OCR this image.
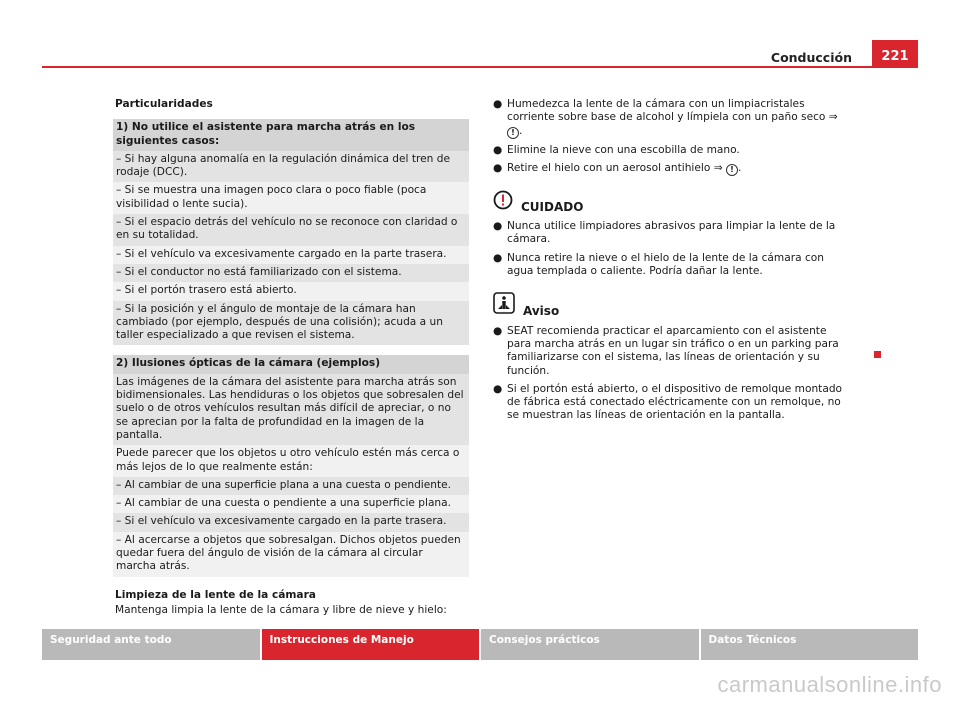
Conducción	221
Particularidades
1) No utilice el asistente para marcha atrás en los siguientes casos:
– Si hay alguna anomalía en la regulación dinámica del tren de rodaje (DCC).
– Si se muestra una imagen poco clara o poco fiable (poca visibilidad o lente sucia).
– Si el espacio detrás del vehículo no se reconoce con claridad o en su totalidad.
– Si el vehículo va excesivamente cargado en la parte trasera.
– Si el conductor no está familiarizado con el sistema.
– Si el portón trasero está abierto.
– Si la posición y el ángulo de montaje de la cámara han cambiado (por ejemplo, después de una colisión); acuda a un taller especializado a que revisen el sistema.
2) Ilusiones ópticas de la cámara (ejemplos)
Las imágenes de la cámara del asistente para marcha atrás son bidimensionales. Las hendiduras o los objetos que sobresalen del suelo o de otros vehículos resultan más difícil de apreciar, o no se aprecian por la falta de profundidad en la imagen de la pantalla.
Puede parecer que los objetos u otro vehículo estén más cerca o más lejos de lo que realmente están:
– Al cambiar de una superficie plana a una cuesta o pendiente.
– Al cambiar de una cuesta o pendiente a una superficie plana.
– Si el vehículo va excesivamente cargado en la parte trasera.
– Al acercarse a objetos que sobresalgan. Dichos objetos pueden quedar fuera del ángulo de visión de la cámara al circular marcha atrás.
Limpieza de la lente de la cámara
Mantenga limpia la lente de la cámara y libre de nieve y hielo:
● Humedezca la lente de la cámara con un limpiacristales corriente sobre base de alcohol y límpiela con un paño seco ⇒ ! .
● Elimine la nieve con una escobilla de mano.
● Retire el hielo con un aerosol antihielo ⇒ ! .
CUIDADO
● Nunca utilice limpiadores abrasivos para limpiar la lente de la cámara.
● Nunca retire la nieve o el hielo de la lente de la cámara con agua templada o caliente. Podría dañar la lente.
Aviso
● SEAT recomienda practicar el aparcamiento con el asistente para marcha atrás en un lugar sin tráfico o en un parking para familiarizarse con el sistema, las líneas de orientación y su función.
● Si el portón está abierto, o el dispositivo de remolque montado de fábrica está conectado eléctricamente con un remolque, no se muestran las líneas de orientación en la pantalla.
Seguridad ante todo	Instrucciones de Manejo	Consejos prácticos	Datos Técnicos
carmanualsonline.info
